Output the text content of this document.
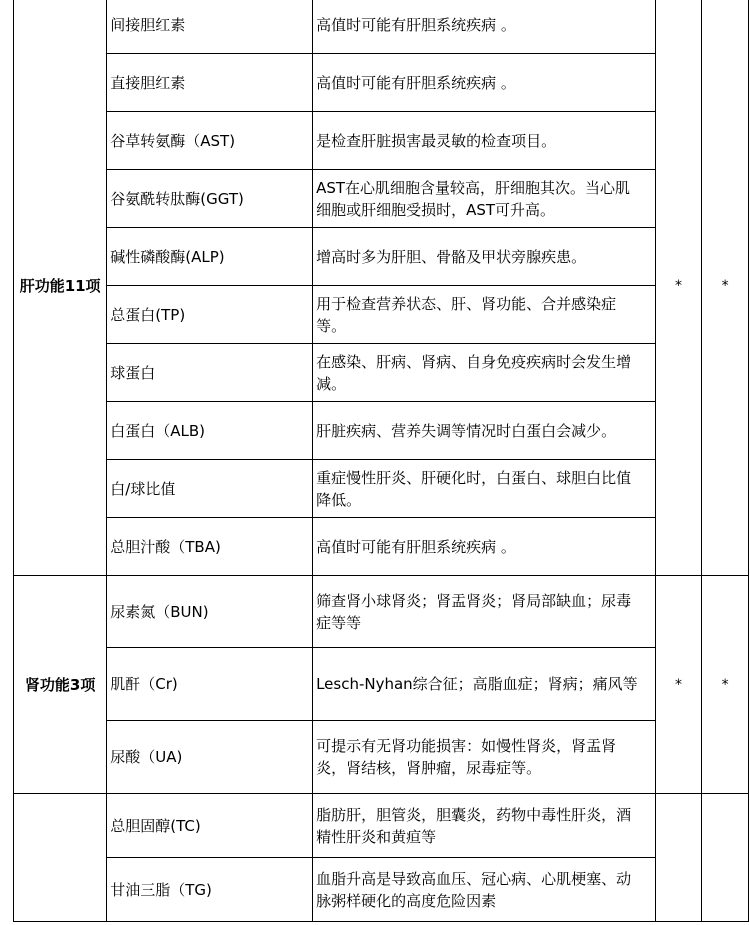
肝功能11项	间接胆红素	高值时可能有肝胆系统疾病 。	*	*
	直接胆红素	高值时可能有肝胆系统疾病 。		
	谷草转氨酶（AST)	是检查肝脏损害最灵敏的检查项目。		
	谷氨酰转肽酶(GGT)	AST在心肌细胞含量较高，肝细胞其次。当心肌细胞或肝细胞受损时，AST可升高。		
	碱性磷酸酶(ALP)	增高时多为肝胆、骨骼及甲状旁腺疾患。		
	总蛋白(TP)	用于检查营养状态、肝、肾功能、合并感染症等。		
	球蛋白	在感染、肝病、肾病、自身免疫疾病时会发生增减。		
	白蛋白（ALB)	肝脏疾病、营养失调等情况时白蛋白会减少。		
	白/球比值	重症慢性肝炎、肝硬化时，白蛋白、球胆白比值降低。		
	总胆汁酸（TBA)	高值时可能有肝胆系统疾病 。		
肾功能3项	尿素氮（BUN)	筛查肾小球肾炎；肾盂肾炎；肾局部缺血；尿毒症等等	*	*
	肌酐（Cr)	Lesch-Nyhan综合征；高脂血症；肾病；痛风等		
	尿酸（UA)	可提示有无肾功能损害：如慢性肾炎，肾盂肾炎，肾结核，肾肿瘤，尿毒症等。		
	总胆固醇(TC)	脂肪肝，胆管炎，胆囊炎，药物中毒性肝炎，酒精性肝炎和黄疸等		
	甘油三脂（TG)	血脂升高是导致高血压、冠心病、心肌梗塞、动脉粥样硬化的高度危险因素		
